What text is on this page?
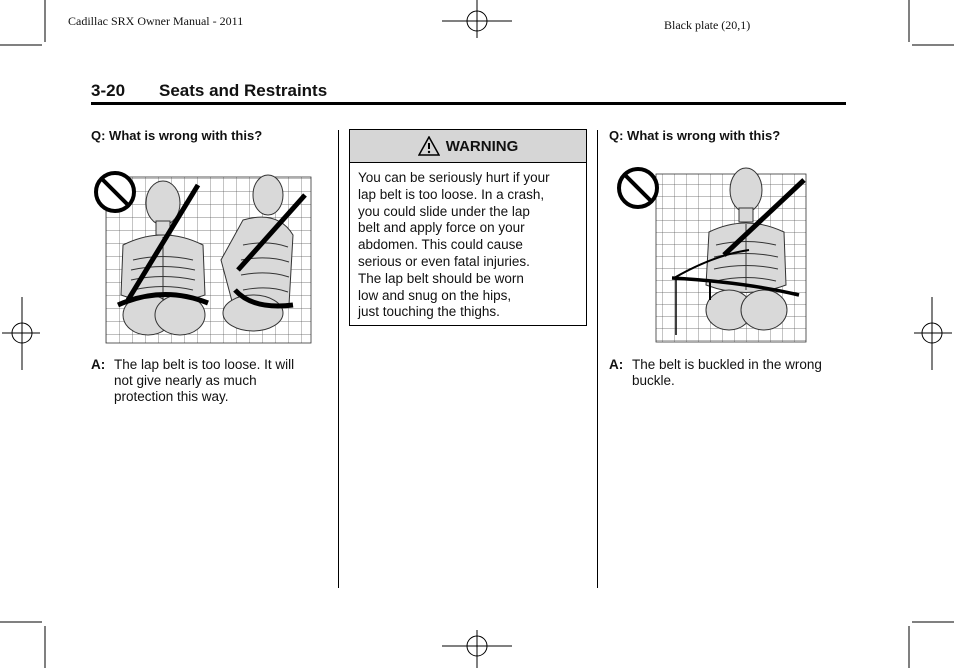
Cadillac SRX Owner Manual - 2011	Black plate (20,1)
3-20 Seats and Restraints
Q: What is wrong with this?
A: The lap belt is too loose. It will
not give nearly as much
protection this way.
WARNING
You can be seriously hurt if your
lap belt is too loose. In a crash,
you could slide under the lap
belt and apply force on your
abdomen. This could cause
serious or even fatal injuries.
The lap belt should be worn
low and snug on the hips,
just touching the thighs.
Q: What is wrong with this?
A: The belt is buckled in the wrong
buckle.
